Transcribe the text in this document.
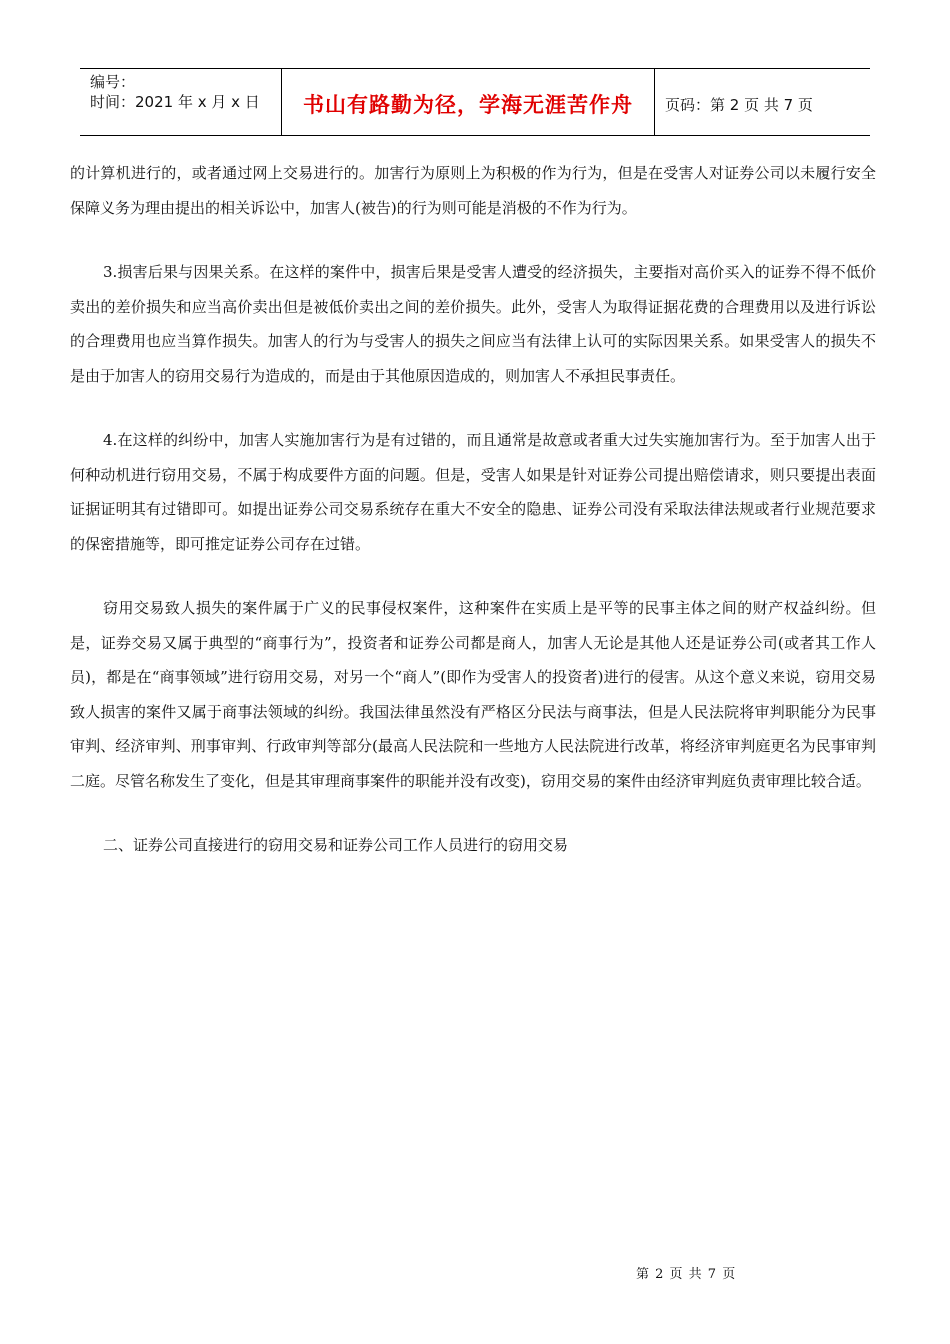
编号：
时间：2021 年 x 月 x 日	书山有路勤为径，学海无涯苦作舟	页码：第 2 页 共 7 页

的计算机进行的，或者通过网上交易进行的。加害行为原则上为积极的作为行为，但是在受害人对证券公司以未履行安全保障义务为理由提出的相关诉讼中，加害人(被告)的行为则可能是消极的不作为行为。

3.损害后果与因果关系。在这样的案件中，损害后果是受害人遭受的经济损失，主要指对高价买入的证券不得不低价卖出的差价损失和应当高价卖出但是被低价卖出之间的差价损失。此外，受害人为取得证据花费的合理费用以及进行诉讼的合理费用也应当算作损失。加害人的行为与受害人的损失之间应当有法律上认可的实际因果关系。如果受害人的损失不是由于加害人的窃用交易行为造成的，而是由于其他原因造成的，则加害人不承担民事责任。

4.在这样的纠纷中，加害人实施加害行为是有过错的，而且通常是故意或者重大过失实施加害行为。至于加害人出于何种动机进行窃用交易，不属于构成要件方面的问题。但是，受害人如果是针对证券公司提出赔偿请求，则只要提出表面证据证明其有过错即可。如提出证券公司交易系统存在重大不安全的隐患、证券公司没有采取法律法规或者行业规范要求的保密措施等，即可推定证券公司存在过错。

窃用交易致人损失的案件属于广义的民事侵权案件，这种案件在实质上是平等的民事主体之间的财产权益纠纷。但是，证券交易又属于典型的“商事行为”，投资者和证券公司都是商人，加害人无论是其他人还是证券公司(或者其工作人员)，都是在“商事领域”进行窃用交易，对另一个“商人”(即作为受害人的投资者)进行的侵害。从这个意义来说，窃用交易致人损害的案件又属于商事法领域的纠纷。我国法律虽然没有严格区分民法与商事法，但是人民法院将审判职能分为民事审判、经济审判、刑事审判、行政审判等部分(最高人民法院和一些地方人民法院进行改革，将经济审判庭更名为民事审判二庭。尽管名称发生了变化，但是其审理商事案件的职能并没有改变)，窃用交易的案件由经济审判庭负责审理比较合适。

二、证券公司直接进行的窃用交易和证券公司工作人员进行的窃用交易

第 2 页 共 7 页
